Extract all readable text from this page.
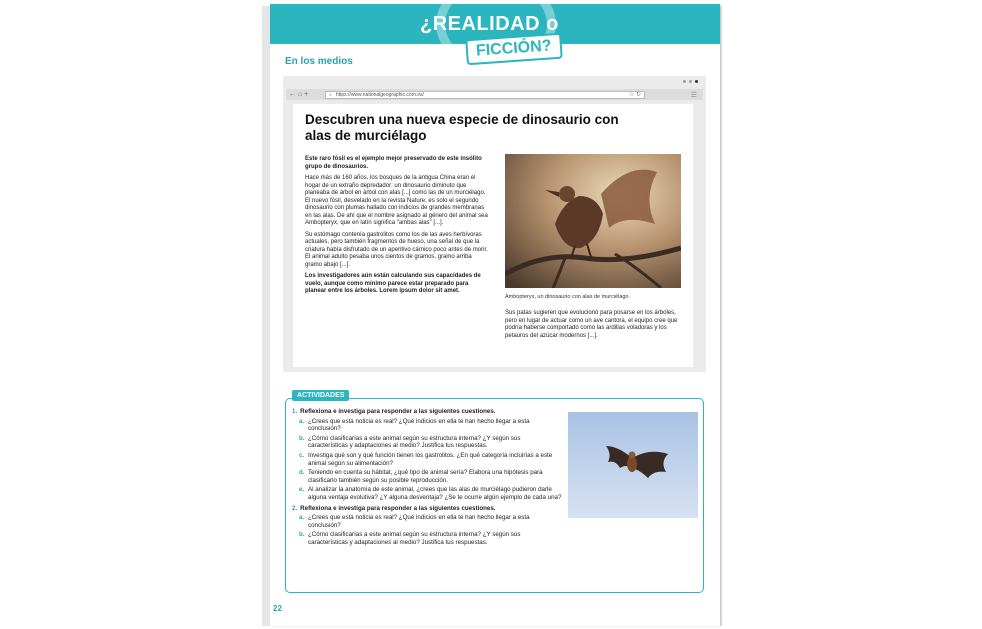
¿REALIDAD o
FICCIÓN?
En los medios
← ⌂ +	⌕ https://www.nationalgeographic.com.es/	☆ ↻	☰
Descubren una nueva especie de dinosaurio con alas de murciélago

Este raro fósil es el ejemplo mejor preservado de este insólito grupo de dinosaurios.

Hace más de 160 años, los bosques de la antigua China eran el hogar de un extraño depredador: un dinosaurio diminuto que planeaba de árbol en árbol con alas [...] como las de un murciélago. El nuevo fósil, desvelado en la revista Nature, es solo el segundo dinosaurio con plumas hallado con indicios de grandes membranas en las alas. De ahí que el nombre asignado al género del animal sea Ambopteryx, que en latín significa "ambas alas" [...].

Su estómago contenía gastrolitos como los de las aves herbívoras actuales, pero también fragmentos de hueso, una señal de que la criatura había disfrutado de un aperitivo cárnico poco antes de morir. El animal adulto pesaba unos cientos de gramos, gramo arriba gramo abajo [...].

Los investigadores aún están calculando sus capacidades de vuelo, aunque como mínimo parece estar preparado para planear entre los árboles. Lorem ipsum dolor sit amet.

Ambopteryx, un dinosaurio con alas de murciélago

Sus patas sugieren que evolucionó para posarse en los árboles, pero en lugar de actuar como un ave cantora, el equipo cree que podría haberse comportado como las ardillas voladoras y los petauros del azúcar modernos [...].

ACTIVIDADES
1. Reflexiona e investiga para responder a las siguientes cuestiones.
a. ¿Crees que esta noticia es real? ¿Qué indicios en ella te han hecho llegar a esta conclusión?
b. ¿Cómo clasificarías a este animal según su estructura interna? ¿Y según sus características y adaptaciones al medio? Justifica tus respuestas.
c. Investiga qué son y qué función tienen los gastrolitos. ¿En qué categoría incluirías a este animal según su alimentación?
d. Teniendo en cuenta su hábitat, ¿qué tipo de animal sería? Elabora una hipótesis para clasificarlo también según su posible reproducción.
e. Al analizar la anatomía de este animal, ¿crees que las alas de murciélago pudieron darle alguna ventaja evolutiva? ¿Y alguna desventaja? ¿Se te ocurre algún ejemplo de cada una?
2. Reflexiona e investiga para responder a las siguientes cuestiones.
a. ¿Crees que esta noticia es real? ¿Qué indicios en ella te han hecho llegar a esta conclusión?
b. ¿Cómo clasificarías a este animal según su estructura interna? ¿Y según sus características y adaptaciones al medio? Justifica tus respuestas.
22
